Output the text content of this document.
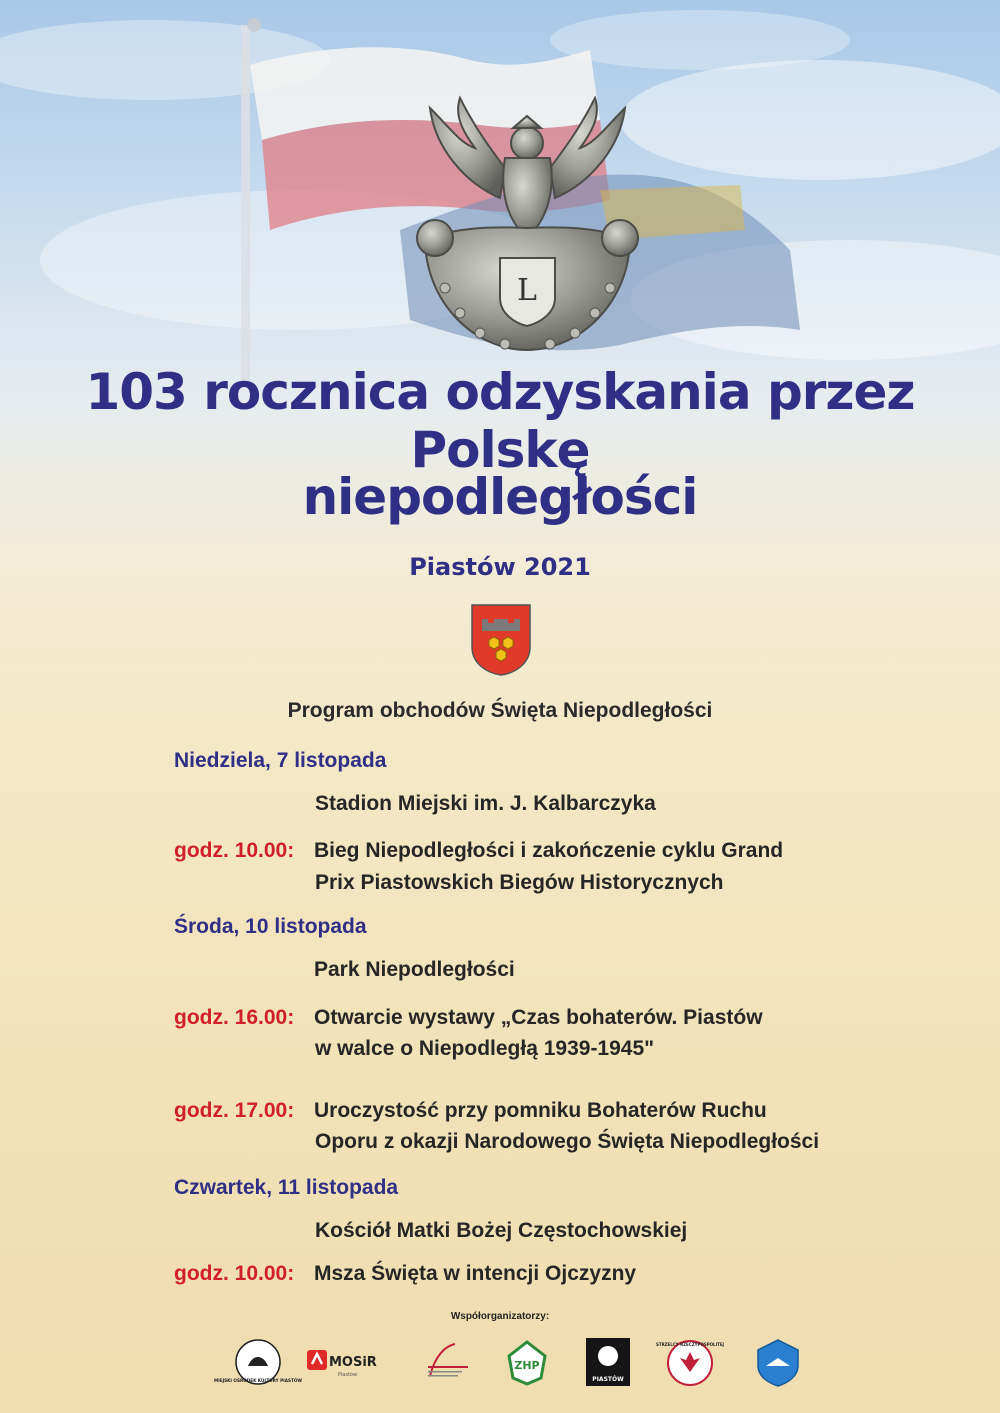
L
103 rocznica odzyskania przez Polskę
niepodległości
Piastów 2021
Program obchodów Święta Niepodległości
Niedziela, 7 listopada
Stadion Miejski im. J. Kalbarczyka
godz. 10.00: Bieg Niepodległości i zakończenie cyklu Grand
Prix Piastowskich Biegów Historycznych
Środa, 10 listopada
Park Niepodległości
godz. 16.00: Otwarcie wystawy „Czas bohaterów. Piastów
w walce o Niepodległą 1939-1945"
godz. 17.00: Uroczystość przy pomniku Bohaterów Ruchu
Oporu z okazji Narodowego Święta Niepodległości
Czwartek, 11 listopada
Kościół Matki Bożej Częstochowskiej
godz. 10.00: Msza Święta w intencji Ojczyzny
Współorganizatorzy:
MIEJSKI OŚRODEK KULTURY PIASTÓW
MOSiR
Piastów
ZHP
PIASTÓW
STRZELCY RZECZYPOSPOLITEJ
